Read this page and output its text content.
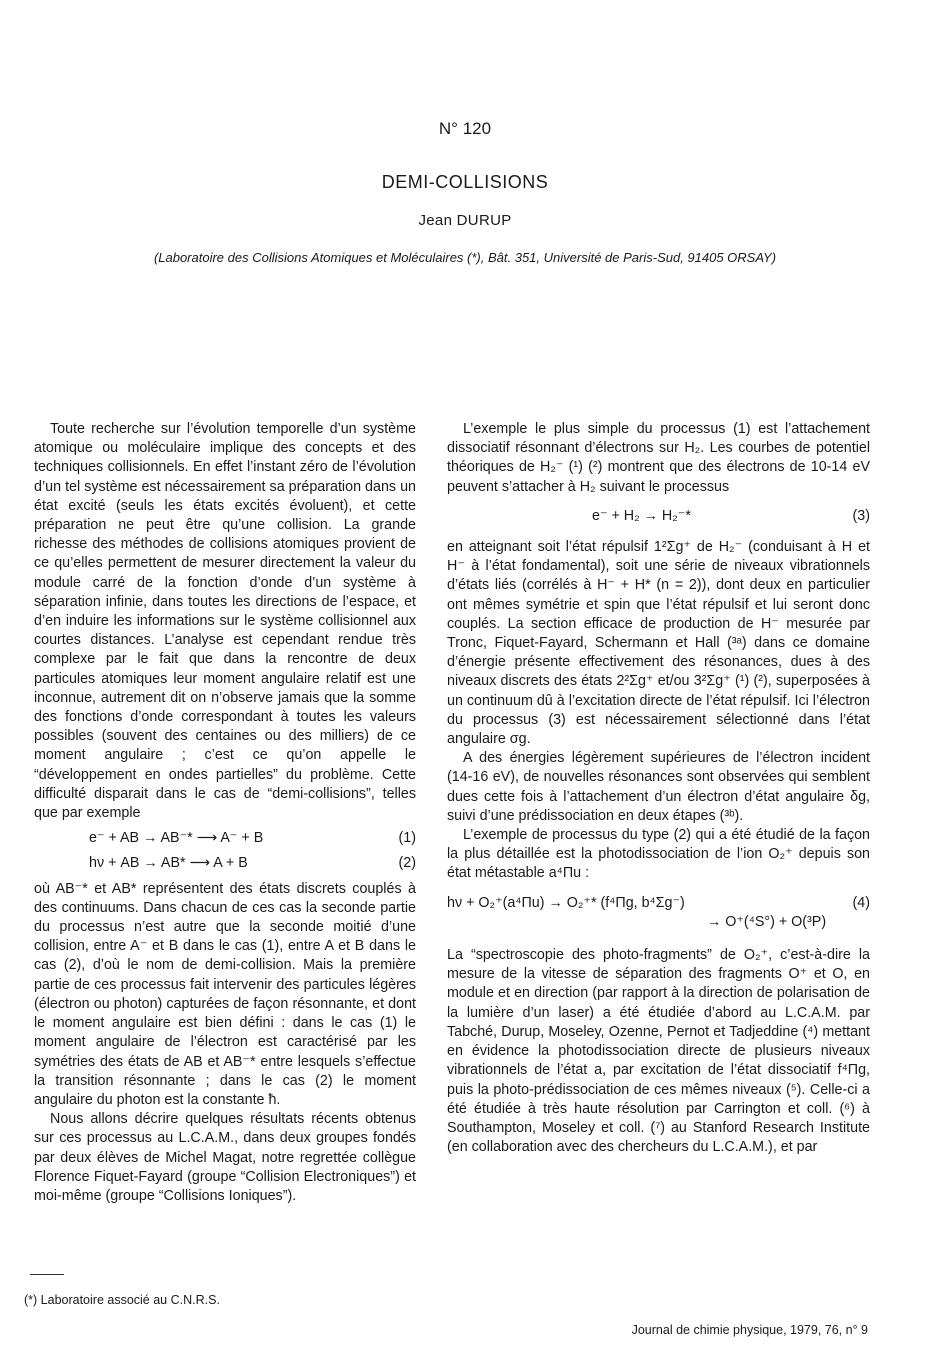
N° 120
DEMI-COLLISIONS
Jean DURUP
(Laboratoire des Collisions Atomiques et Moléculaires (*), Bât. 351, Université de Paris-Sud, 91405 ORSAY)

Toute recherche sur l’évolution temporelle d’un système atomique ou moléculaire implique des concepts et des techniques collisionnels. En effet l’instant zéro de l’évolution d’un tel système est nécessairement sa préparation dans un état excité (seuls les états excités évoluent), et cette préparation ne peut être qu’une collision. La grande richesse des méthodes de collisions atomiques provient de ce qu’elles permettent de mesurer directement la valeur du module carré de la fonction d’onde d’un système à séparation infinie, dans toutes les directions de l’espace, et d’en induire les informations sur le système collisionnel aux courtes distances. L’analyse est cependant rendue très complexe par le fait que dans la rencontre de deux particules atomiques leur moment angulaire relatif est une inconnue, autrement dit on n’observe jamais que la somme des fonctions d’onde correspondant à toutes les valeurs possibles (souvent des centaines ou des milliers) de ce moment angulaire ; c’est ce qu’on appelle le “développement en ondes partielles” du problème. Cette difficulté disparait dans le cas de “demi-collisions”, telles que par exemple

e⁻ + AB → AB⁻* ⟶ A⁻ + B	(1)
hν + AB → AB* ⟶ A + B	(2)

où AB⁻* et AB* représentent des états discrets couplés à des continuums. Dans chacun de ces cas la seconde partie du processus n’est autre que la seconde moitié d’une collision, entre A⁻ et B dans le cas (1), entre A et B dans le cas (2), d’où le nom de demi-collision. Mais la première partie de ces processus fait intervenir des particules légères (électron ou photon) capturées de façon résonnante, et dont le moment angulaire est bien défini : dans le cas (1) le moment angulaire de l’électron est caractérisé par les symétries des états de AB et AB⁻* entre lesquels s’effectue la transition résonnante ; dans le cas (2) le moment angulaire du photon est la constante ħ.

Nous allons décrire quelques résultats récents obtenus sur ces processus au L.C.A.M., dans deux groupes fondés par deux élèves de Michel Magat, notre regrettée collègue Florence Fiquet-Fayard (groupe “Collision Electroniques”) et moi-même (groupe “Collisions Ioniques”).

L’exemple le plus simple du processus (1) est l’attachement dissociatif résonnant d’électrons sur H₂. Les courbes de potentiel théoriques de H₂⁻ (¹) (²) montrent que des électrons de 10-14 eV peuvent s’attacher à H₂ suivant le processus

e⁻ + H₂ → H₂⁻*	(3)

en atteignant soit l’état répulsif 1²Σg⁺ de H₂⁻ (conduisant à H et H⁻ à l’état fondamental), soit une série de niveaux vibrationnels d’états liés (corrélés à H⁻ + H* (n = 2)), dont deux en particulier ont mêmes symétrie et spin que l’état répulsif et lui seront donc couplés. La section efficace de production de H⁻ mesurée par Tronc, Fiquet-Fayard, Schermann et Hall (³ᵃ) dans ce domaine d’énergie présente effectivement des résonances, dues à des niveaux discrets des états 2²Σg⁺ et/ou 3²Σg⁺ (¹) (²), superposées à un continuum dû à l’excitation directe de l’état répulsif. Ici l’électron du processus (3) est nécessairement sélectionné dans l’état angulaire σg.

A des énergies légèrement supérieures de l’électron incident (14-16 eV), de nouvelles résonances sont observées qui semblent dues cette fois à l’attachement d’un électron d’état angulaire δg, suivi d’une prédissociation en deux étapes (³ᵇ).

L’exemple de processus du type (2) qui a été étudié de la façon la plus détaillée est la photodissociation de l’ion O₂⁺ depuis son état métastable a⁴Πu :

hν + O₂⁺(a⁴Πu) → O₂⁺* (f⁴Πg, b⁴Σg⁻)	(4)
→ O⁺(⁴S°) + O(³P)

La “spectroscopie des photo-fragments” de O₂⁺, c’est-à-dire la mesure de la vitesse de séparation des fragments O⁺ et O, en module et en direction (par rapport à la direction de polarisation de la lumière d’un laser) a été étudiée d’abord au L.C.A.M. par Tabché, Durup, Moseley, Ozenne, Pernot et Tadjeddine (⁴) mettant en évidence la photodissociation directe de plusieurs niveaux vibrationnels de l’état a, par excitation de l’état dissociatif f⁴Πg, puis la photo-prédissociation de ces mêmes niveaux (⁵). Celle-ci a été étudiée à très haute résolution par Carrington et coll. (⁶) à Southampton, Moseley et coll. (⁷) au Stanford Research Institute (en collaboration avec des chercheurs du L.C.A.M.), et par

(*) Laboratoire associé au C.N.R.S.
Journal de chimie physique, 1979, 76, n° 9
